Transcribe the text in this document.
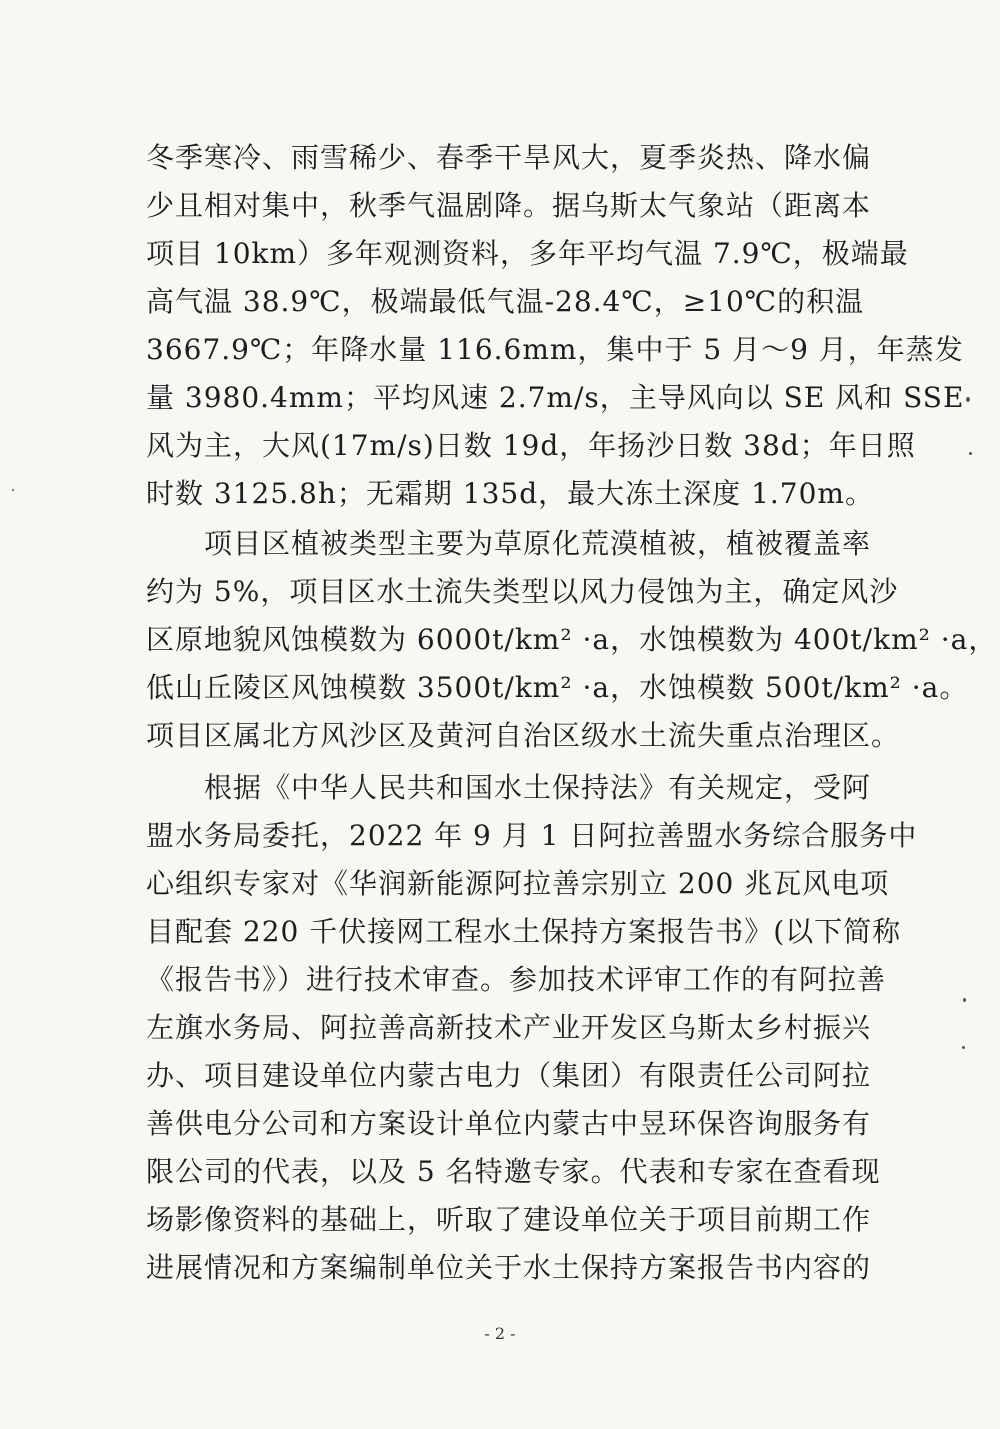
冬季寒冷、雨雪稀少、春季干旱风大，夏季炎热、降水偏
少且相对集中，秋季气温剧降。据乌斯太气象站（距离本
项目 10km）多年观测资料，多年平均气温 7.9℃，极端最
高气温 38.9℃，极端最低气温-28.4℃，≥10℃的积温
3667.9℃；年降水量 116.6mm，集中于 5 月～9 月，年蒸发
量 3980.4mm；平均风速 2.7m/s，主导风向以 SE 风和 SSE
风为主，大风(17m/s)日数 19d，年扬沙日数 38d；年日照
时数 3125.8h；无霜期 135d，最大冻土深度 1.70m。
项目区植被类型主要为草原化荒漠植被，植被覆盖率
约为 5%，项目区水土流失类型以风力侵蚀为主，确定风沙
区原地貌风蚀模数为 6000t/km² ·a，水蚀模数为 400t/km² ·a，
低山丘陵区风蚀模数 3500t/km² ·a，水蚀模数 500t/km² ·a。
项目区属北方风沙区及黄河自治区级水土流失重点治理区。
根据《中华人民共和国水土保持法》有关规定，受阿
盟水务局委托，2022 年 9 月 1 日阿拉善盟水务综合服务中
心组织专家对《华润新能源阿拉善宗别立 200 兆瓦风电项
目配套 220 千伏接网工程水土保持方案报告书》(以下简称
《报告书》）进行技术审查。参加技术评审工作的有阿拉善
左旗水务局、阿拉善高新技术产业开发区乌斯太乡村振兴
办、项目建设单位内蒙古电力（集团）有限责任公司阿拉
善供电分公司和方案设计单位内蒙古中昱环保咨询服务有
限公司的代表，以及 5 名特邀专家。代表和专家在查看现
场影像资料的基础上，听取了建设单位关于项目前期工作
进展情况和方案编制单位关于水土保持方案报告书内容的
- 2 -
